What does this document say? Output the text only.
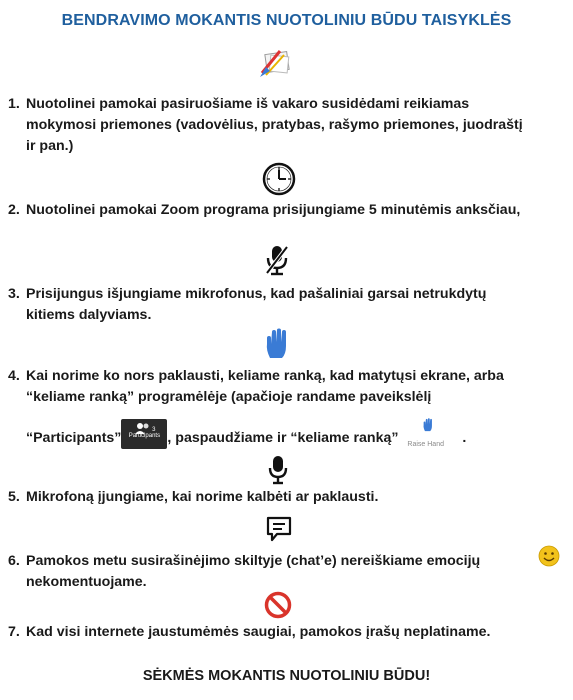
BENDRAVIMO MOKANTIS NUOTOLINIU BŪDU TAISYKLĖS
1. Nuotolinei pamokai pasiruošiame iš vakaro susidėdami reikiamas
mokymosi priemones (vadovėlius, pratybas, rašymo priemones, juodraštį
ir pan.)
2. Nuotolinei pamokai Zoom programa prisijungiame 5 minutėmis anksčiau,
3. Prisijungus išjungiame mikrofonus, kad pašaliniai garsai netrukdytų
kitiems dalyviams.
4. Kai norime ko nors paklausti, keliame ranką, kad matytųsi ekrane, arba
“keliame ranką” programėlėje (apačioje randame paveikslėlį
“Participants”	3
Participants , paspaudžiame ir “keliame ranką” Raise Hand .
5. Mikrofoną įjungiame, kai norime kalbėti ar paklausti.
6. Pamokos metu susirašinėjimo skiltyje (chat’e) nereiškiame emocijų
nekomentuojame.
7. Kad visi internete jaustumėmės saugiai, pamokos įrašų neplatiname.
SĖKMĖS MOKANTIS NUOTOLINIU BŪDU!
